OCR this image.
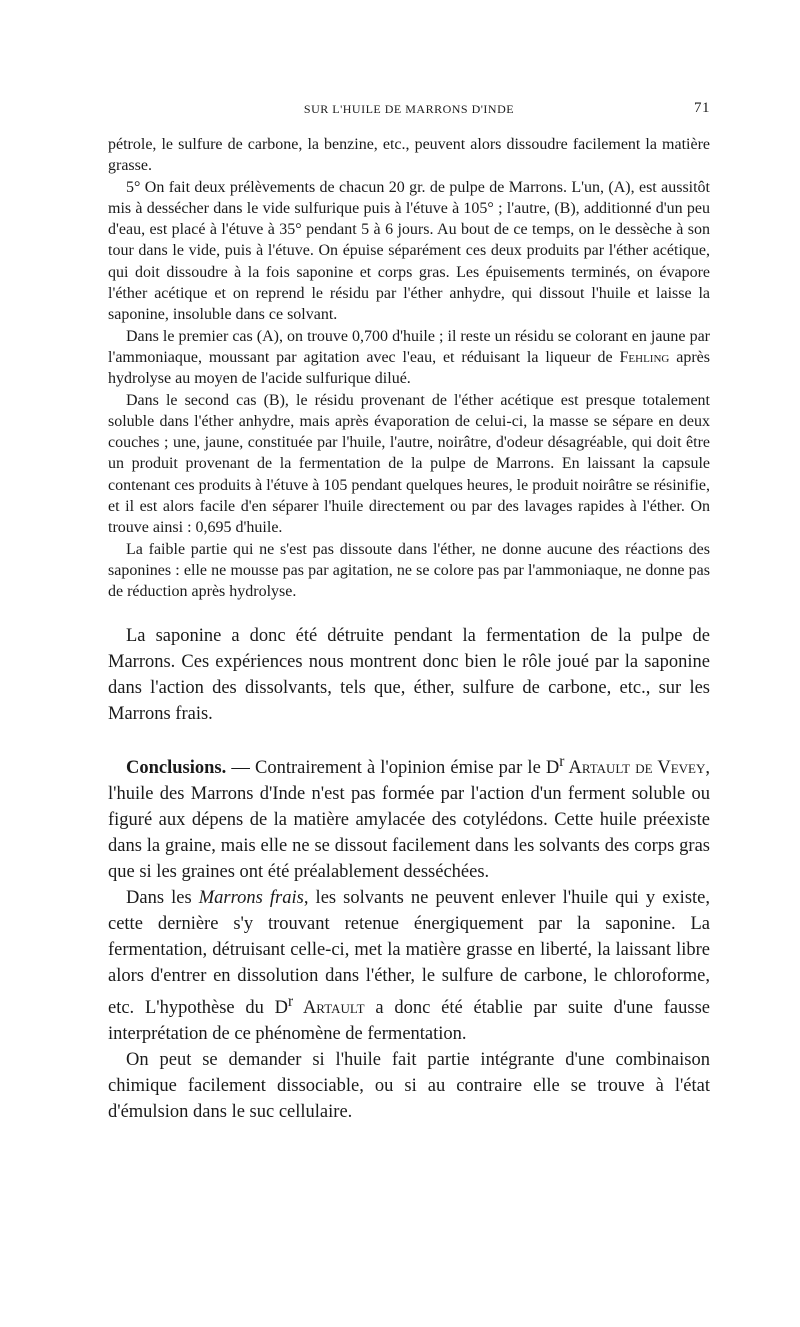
SUR L'HUILE DE MARRONS D'INDE	71

pétrole, le sulfure de carbone, la benzine, etc., peuvent alors dissoudre facilement la matière grasse.

5° On fait deux prélèvements de chacun 20 gr. de pulpe de Marrons. L'un, (A), est aussitôt mis à dessécher dans le vide sulfurique puis à l'étuve à 105° ; l'autre, (B), additionné d'un peu d'eau, est placé à l'étuve à 35° pendant 5 à 6 jours. Au bout de ce temps, on le dessèche à son tour dans le vide, puis à l'étuve. On épuise séparément ces deux produits par l'éther acétique, qui doit dissoudre à la fois saponine et corps gras. Les épuisements terminés, on évapore l'éther acétique et on reprend le résidu par l'éther anhydre, qui dissout l'huile et laisse la saponine, insoluble dans ce solvant.

Dans le premier cas (A), on trouve 0,700 d'huile ; il reste un résidu se colorant en jaune par l'ammoniaque, moussant par agitation avec l'eau, et réduisant la liqueur de Fehling après hydrolyse au moyen de l'acide sulfurique dilué.

Dans le second cas (B), le résidu provenant de l'éther acétique est presque totalement soluble dans l'éther anhydre, mais après évaporation de celui-ci, la masse se sépare en deux couches ; une, jaune, constituée par l'huile, l'autre, noirâtre, d'odeur désagréable, qui doit être un produit provenant de la fermentation de la pulpe de Marrons. En laissant la capsule contenant ces produits à l'étuve à 105 pendant quelques heures, le produit noirâtre se résinifie, et il est alors facile d'en séparer l'huile directement ou par des lavages rapides à l'éther. On trouve ainsi : 0,695 d'huile.

La faible partie qui ne s'est pas dissoute dans l'éther, ne donne aucune des réactions des saponines : elle ne mousse pas par agitation, ne se colore pas par l'ammoniaque, ne donne pas de réduction après hydrolyse.

La saponine a donc été détruite pendant la fermentation de la pulpe de Marrons. Ces expériences nous montrent donc bien le rôle joué par la saponine dans l'action des dissolvants, tels que, éther, sulfure de carbone, etc., sur les Marrons frais.

Conclusions. — Contrairement à l'opinion émise par le $D^r$ Artault de Vevey, l'huile des Marrons d'Inde n'est pas formée par l'action d'un ferment soluble ou figuré aux dépens de la matière amylacée des cotylédons. Cette huile préexiste dans la graine, mais elle ne se dissout facilement dans les solvants des corps gras que si les graines ont été préalablement desséchées.

Dans les Marrons frais, les solvants ne peuvent enlever l'huile qui y existe, cette dernière s'y trouvant retenue énergiquement par la saponine. La fermentation, détruisant celle-ci, met la matière grasse en liberté, la laissant libre alors d'entrer en dissolution dans l'éther, le sulfure de carbone, le chloroforme, etc. L'hypothèse du $D^r$ Artault a donc été établie par suite d'une fausse interprétation de ce phénomène de fermentation.

On peut se demander si l'huile fait partie intégrante d'une combinaison chimique facilement dissociable, ou si au contraire elle se trouve à l'état d'émulsion dans le suc cellulaire.
